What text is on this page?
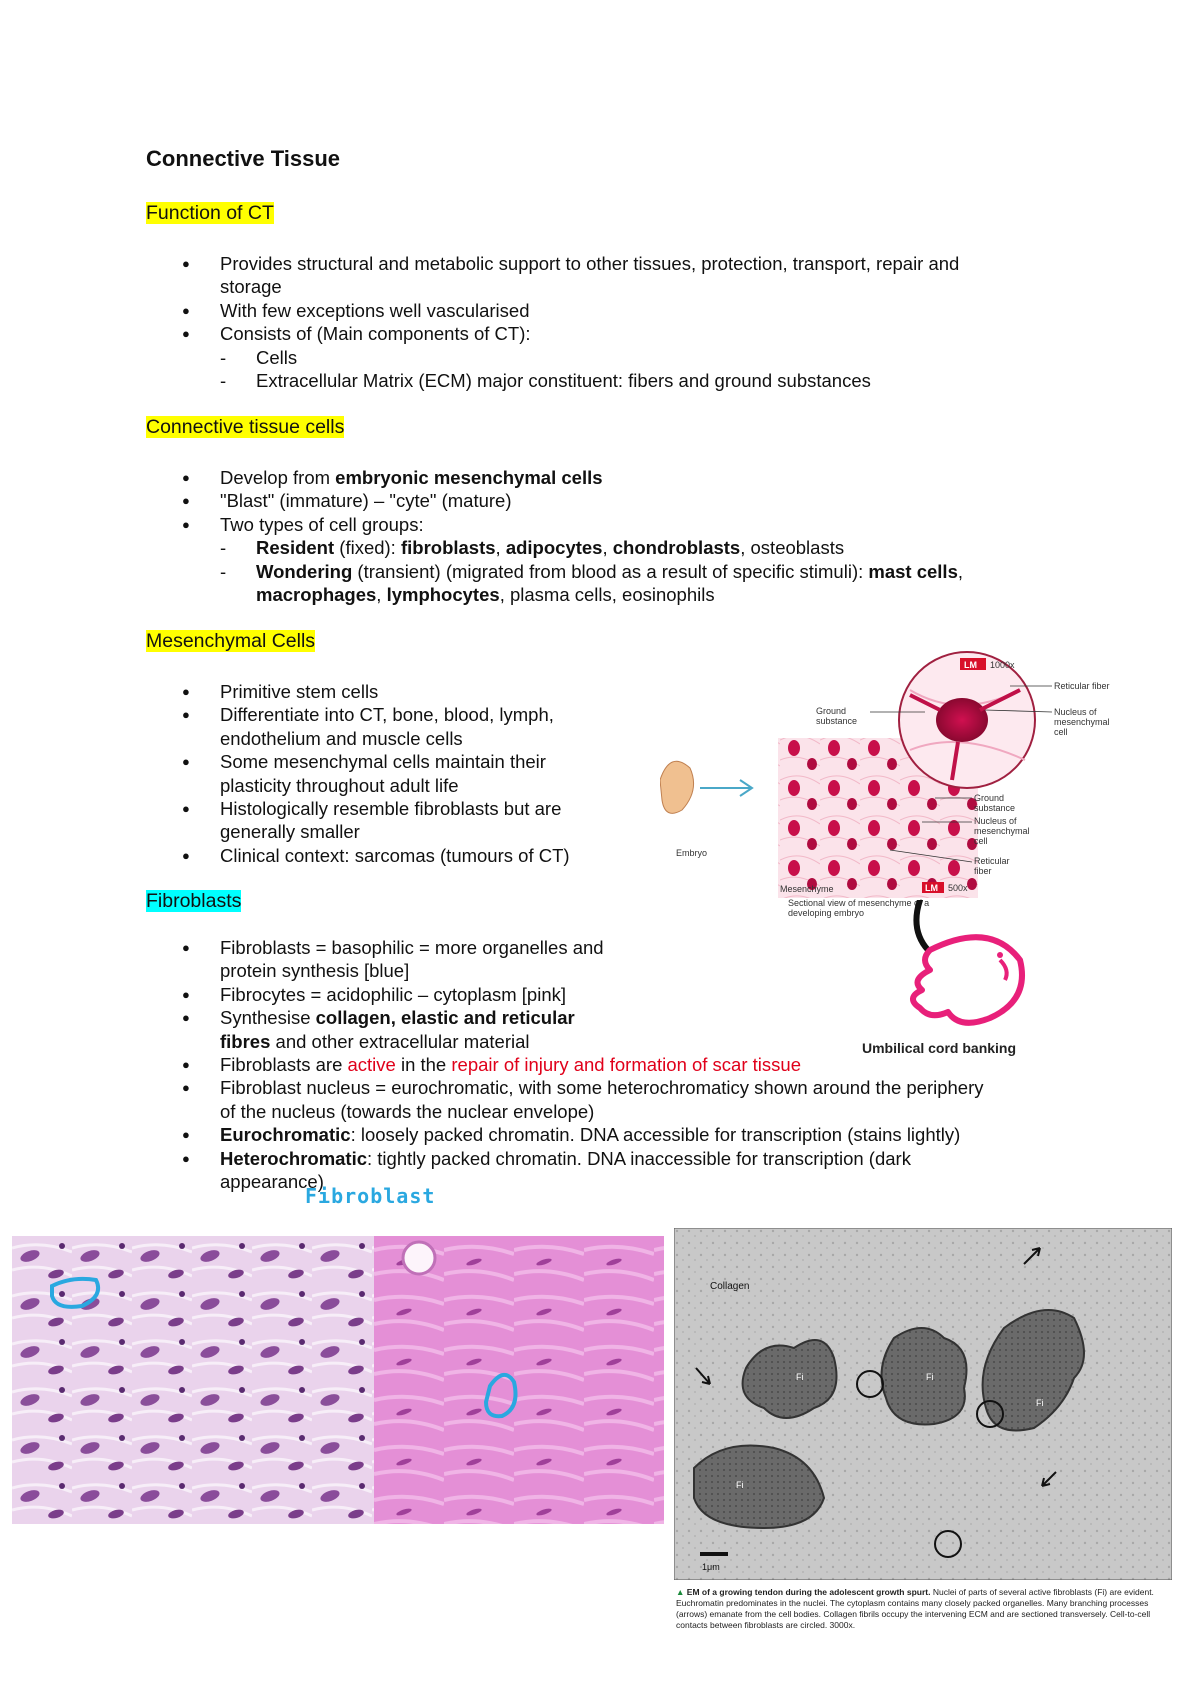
Connective Tissue
Function of CT
● Provides structural and metabolic support to other tissues, protection, transport, repair and
storage
● With few exceptions well vascularised
● Consists of (Main components of CT):
- Cells
- Extracellular Matrix (ECM) major constituent: fibers and ground substances
Connective tissue cells
● Develop from embryonic mesenchymal cells
● "Blast" (immature) – "cyte" (mature)
● Two types of cell groups:
- Resident (fixed): fibroblasts, adipocytes, chondroblasts, osteoblasts
- Wondering (transient) (migrated from blood as a result of specific stimuli): mast cells,
macrophages, lymphocytes, plasma cells, eosinophils
Mesenchymal Cells
● Primitive stem cells
● Differentiate into CT, bone, blood, lymph,
endothelium and muscle cells
● Some mesenchymal cells maintain their
plasticity throughout adult life
● Histologically resemble fibroblasts but are
generally smaller
● Clinical context: sarcomas (tumours of CT)
Fibroblasts
● Fibroblasts = basophilic = more organelles and
protein synthesis [blue]
● Fibrocytes = acidophilic – cytoplasm [pink]
● Synthesise collagen, elastic and reticular
fibres and other extracellular material
● Fibroblasts are active in the repair of injury and formation of scar tissue
● Fibroblast nucleus = eurochromatic, with some heterochromaticy shown around the periphery
of the nucleus (towards the nuclear envelope)
● Eurochromatic: loosely packed chromatin. DNA accessible for transcription (stains lightly)
● Heterochromatic: tightly packed chromatin. DNA inaccessible for transcription (dark
appearance)
LM 1000x
LM 500x
Ground substance
Reticular fiber
Nucleus of mesenchymal cell
Ground substance
Nucleus of mesenchymal cell
Reticular fiber
Embryo
Mesenchyme
Sectional view of mesenchyme of a developing embryo
Umbilical cord banking
Fibroblast
Collagen
Fi	Fi
Fi
Fi
1μm
▲ EM of a growing tendon during the adolescent growth spurt. Nuclei of parts of several active fibroblasts (Fi) are evident.
Euchromatin predominates in the nuclei. The cytoplasm contains many closely packed organelles. Many branching processes
(arrows) emanate from the cell bodies. Collagen fibrils occupy the intervening ECM and are sectioned transversely. Cell-to-cell
contacts between fibroblasts are circled. 3000x.
